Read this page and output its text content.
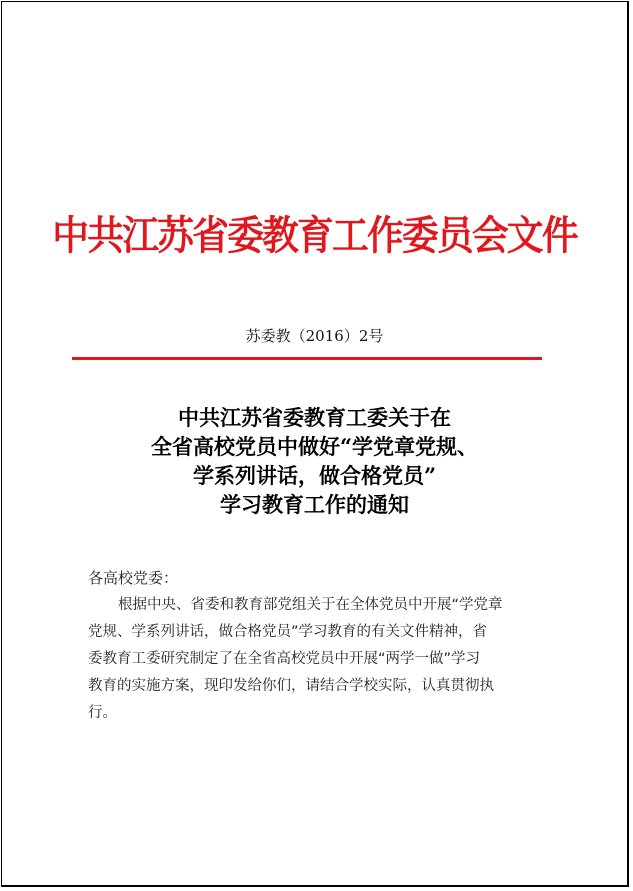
中共江苏省委教育工作委员会文件
苏委教（2016）2号
中共江苏省委教育工委关于在
全省高校党员中做好“学党章党规、
学系列讲话，做合格党员”
学习教育工作的通知
各高校党委：
根据中央、省委和教育部党组关于在全体党员中开展“学党章
党规、学系列讲话，做合格党员”学习教育的有关文件精神，省
委教育工委研究制定了在全省高校党员中开展“两学一做”学习
教育的实施方案，现印发给你们，请结合学校实际，认真贯彻执
行。
